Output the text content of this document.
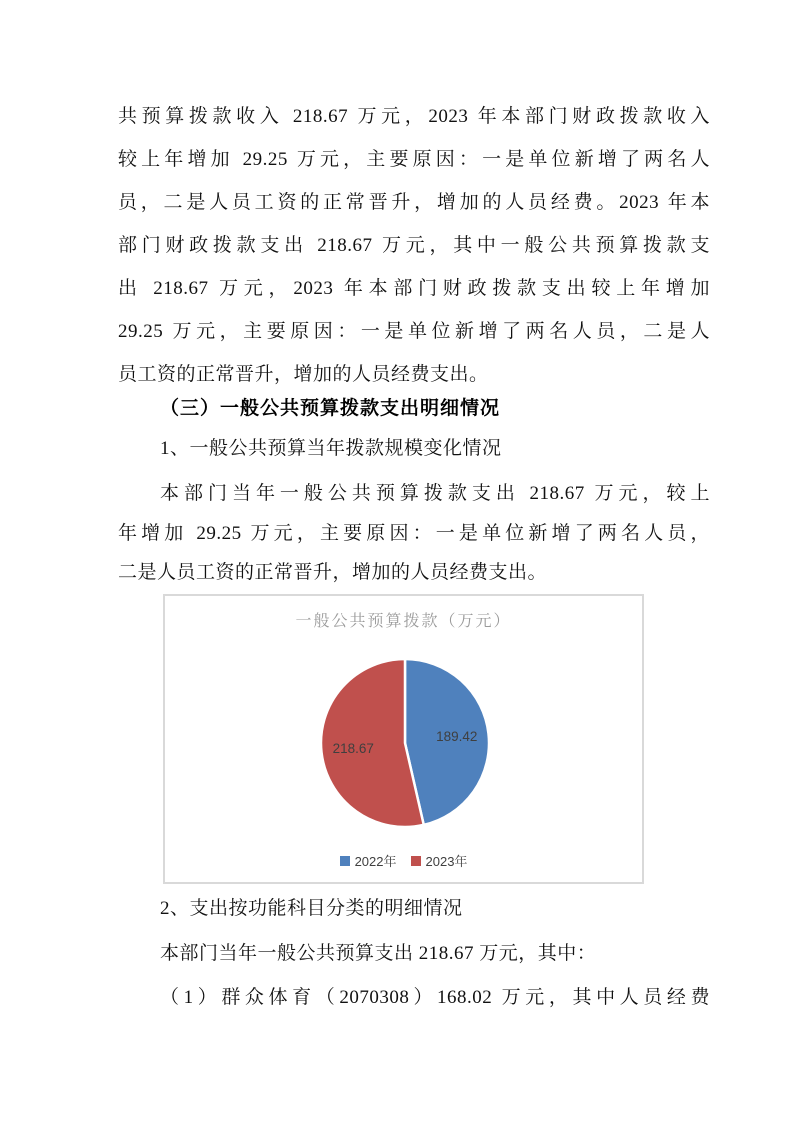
共预算拨款收入 218.67 万元，2023 年本部门财政拨款收入
较上年增加 29.25 万元，主要原因：一是单位新增了两名人
员，二是人员工资的正常晋升，增加的人员经费。2023 年本
部门财政拨款支出 218.67 万元，其中一般公共预算拨款支
出 218.67 万元，2023 年本部门财政拨款支出较上年增加
29.25 万元，主要原因：一是单位新增了两名人员，二是人
员工资的正常晋升，增加的人员经费支出。
（三）一般公共预算拨款支出明细情况
1、一般公共预算当年拨款规模变化情况
本部门当年一般公共预算拨款支出 218.67 万元，较上
年增加 29.25 万元，主要原因：一是单位新增了两名人员，
二是人员工资的正常晋升，增加的人员经费支出。
一般公共预算拨款（万元）
189.42
218.67
2022年 2023年
2、支出按功能科目分类的明细情况
本部门当年一般公共预算支出 218.67 万元，其中：
（1）群众体育（2070308）168.02 万元，其中人员经费
